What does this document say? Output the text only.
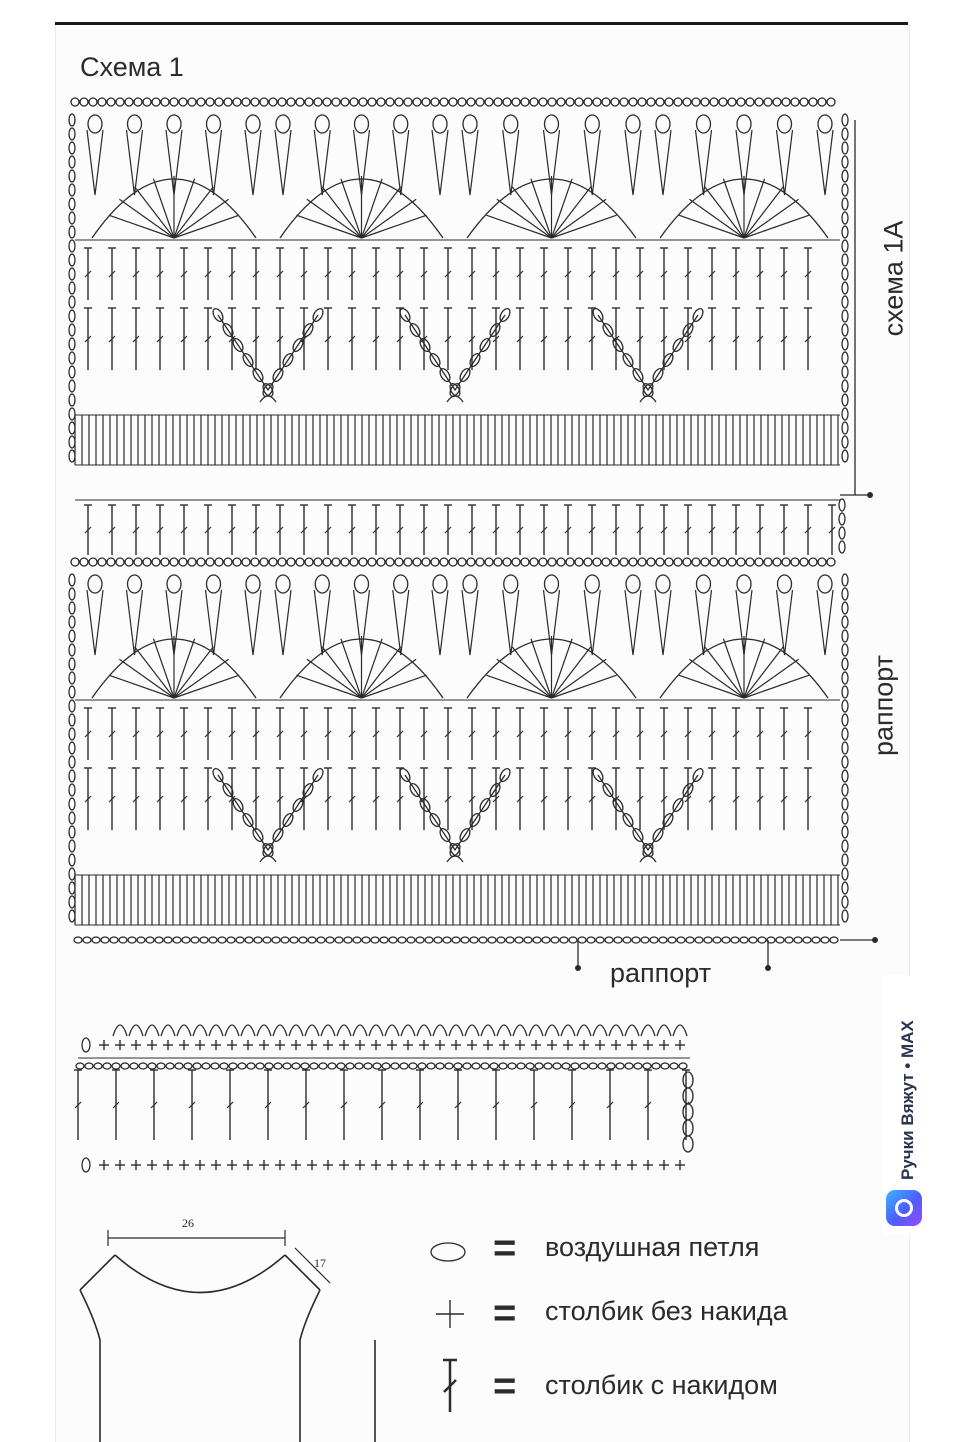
Схема 1
схема 1А
раппорт
раппорт
26
17	=
=
=
воздушная петля
столбик без накида
столбик с накидом
Ручки Вяжут • MAX
